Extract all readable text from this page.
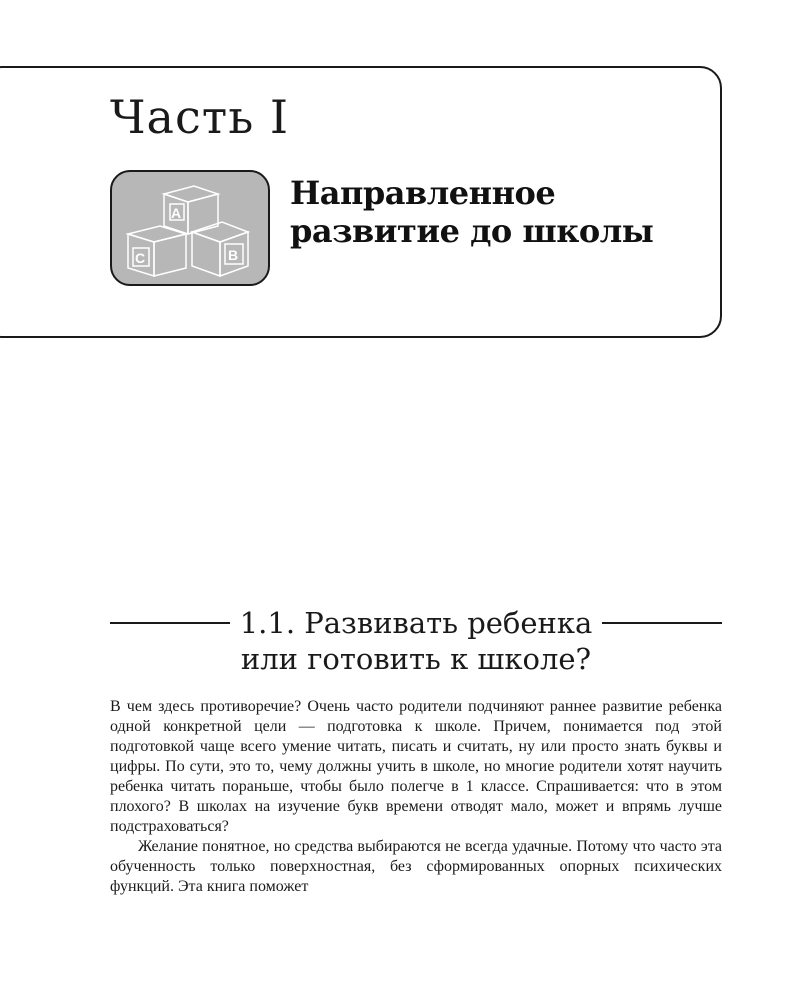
Часть I
A
C	B
Направленное
развитие до школы
1.1. Развивать ребенка
или готовить к школе?

В чем здесь противоречие? Очень часто родители подчиняют раннее развитие ребенка одной конкретной цели — подготовка к школе. Причем, понимается под этой подготовкой чаще всего умение читать, писать и считать, ну или просто знать буквы и цифры. По сути, это то, чему должны учить в школе, но многие родители хотят научить ребенка читать пораньше, чтобы было полегче в 1 классе. Спрашивается: что в этом плохого? В школах на изучение букв времени отводят мало, может и впрямь лучше подстраховаться?

Желание понятное, но средства выбираются не всегда удачные. Потому что часто эта обученность только поверхностная, без сформированных опорных психических функций. Эта книга поможет
